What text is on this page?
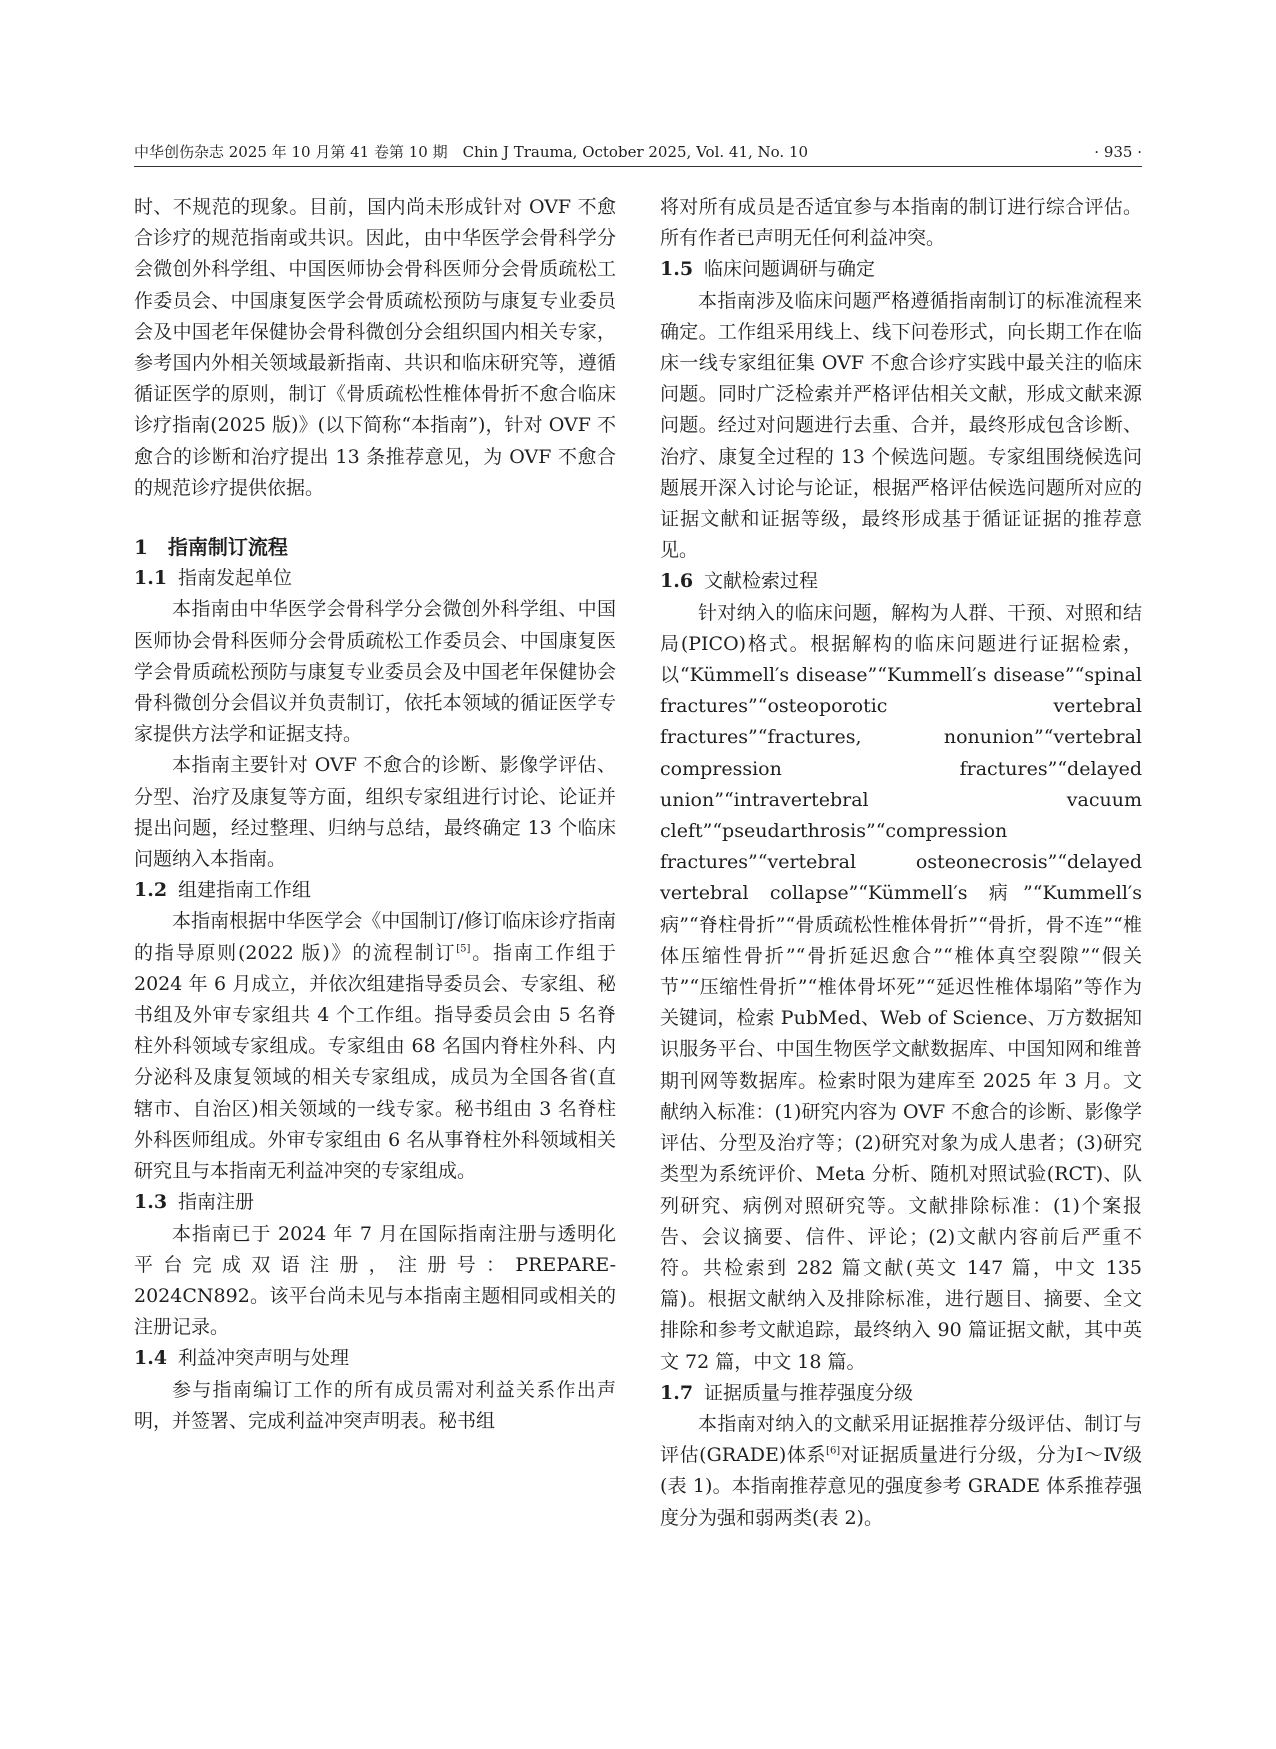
中华创伤杂志 2025 年 10 月第 41 卷第 10 期　Chin J Trauma, October 2025, Vol. 41, No. 10	· 935 ·

时、不规范的现象。目前，国内尚未形成针对 OVF 不愈合诊疗的规范指南或共识。因此，由中华医学会骨科学分会微创外科学组、中国医师协会骨科医师分会骨质疏松工作委员会、中国康复医学会骨质疏松预防与康复专业委员会及中国老年保健协会骨科微创分会组织国内相关专家，参考国内外相关领域最新指南、共识和临床研究等，遵循循证医学的原则，制订《骨质疏松性椎体骨折不愈合临床诊疗指南(2025 版)》(以下简称“本指南”)，针对 OVF 不愈合的诊断和治疗提出 13 条推荐意见，为 OVF 不愈合的规范诊疗提供依据。

1　指南制订流程
1.1 指南发起单位

本指南由中华医学会骨科学分会微创外科学组、中国医师协会骨科医师分会骨质疏松工作委员会、中国康复医学会骨质疏松预防与康复专业委员会及中国老年保健协会骨科微创分会倡议并负责制订，依托本领域的循证医学专家提供方法学和证据支持。

本指南主要针对 OVF 不愈合的诊断、影像学评估、分型、治疗及康复等方面，组织专家组进行讨论、论证并提出问题，经过整理、归纳与总结，最终确定 13 个临床问题纳入本指南。

1.2 组建指南工作组

本指南根据中华医学会《中国制订/修订临床诊疗指南的指导原则(2022 版)》的流程制订[5]。指南工作组于 2024 年 6 月成立，并依次组建指导委员会、专家组、秘书组及外审专家组共 4 个工作组。指导委员会由 5 名脊柱外科领域专家组成。专家组由 68 名国内脊柱外科、内分泌科及康复领域的相关专家组成，成员为全国各省(直辖市、自治区)相关领域的一线专家。秘书组由 3 名脊柱外科医师组成。外审专家组由 6 名从事脊柱外科领域相关研究且与本指南无利益冲突的专家组成。

1.3 指南注册

本指南已于 2024 年 7 月在国际指南注册与透明化平台完成双语注册，注册号：PREPARE-2024CN892。该平台尚未见与本指南主题相同或相关的注册记录。

1.4 利益冲突声明与处理

参与指南编订工作的所有成员需对利益关系作出声明，并签署、完成利益冲突声明表。秘书组

将对所有成员是否适宜参与本指南的制订进行综合评估。所有作者已声明无任何利益冲突。

1.5 临床问题调研与确定

本指南涉及临床问题严格遵循指南制订的标准流程来确定。工作组采用线上、线下问卷形式，向长期工作在临床一线专家组征集 OVF 不愈合诊疗实践中最关注的临床问题。同时广泛检索并严格评估相关文献，形成文献来源问题。经过对问题进行去重、合并，最终形成包含诊断、治疗、康复全过程的 13 个候选问题。专家组围绕候选问题展开深入讨论与论证，根据严格评估候选问题所对应的证据文献和证据等级，最终形成基于循证证据的推荐意见。

1.6 文献检索过程

针对纳入的临床问题，解构为人群、干预、对照和结局(PICO)格式。根据解构的临床问题进行证据检索，以“Kümmell′s disease”“Kummell′s disease”“spinal fractures”“osteoporotic vertebral fractures”“fractures, nonunion”“vertebral compression fractures”“delayed union”“intravertebral vacuum cleft”“pseudarthrosis”“compression fractures”“vertebral osteonecrosis”“delayed vertebral collapse”“Kümmell′s 病”“Kummell′s 病”“脊柱骨折”“骨质疏松性椎体骨折”“骨折，骨不连”“椎体压缩性骨折”“骨折延迟愈合”“椎体真空裂隙”“假关节”“压缩性骨折”“椎体骨坏死”“延迟性椎体塌陷”等作为关键词，检索 PubMed、Web of Science、万方数据知识服务平台、中国生物医学文献数据库、中国知网和维普期刊网等数据库。检索时限为建库至 2025 年 3 月。文献纳入标准：(1)研究内容为 OVF 不愈合的诊断、影像学评估、分型及治疗等；(2)研究对象为成人患者；(3)研究类型为系统评价、Meta 分析、随机对照试验(RCT)、队列研究、病例对照研究等。文献排除标准：(1)个案报告、会议摘要、信件、评论；(2)文献内容前后严重不符。共检索到 282 篇文献(英文 147 篇，中文 135 篇)。根据文献纳入及排除标准，进行题目、摘要、全文排除和参考文献追踪，最终纳入 90 篇证据文献，其中英文 72 篇，中文 18 篇。

1.7 证据质量与推荐强度分级

本指南对纳入的文献采用证据推荐分级评估、制订与评估(GRADE)体系[6]对证据质量进行分级，分为Ⅰ～Ⅳ级(表 1)。本指南推荐意见的强度参考 GRADE 体系推荐强度分为强和弱两类(表 2)。
